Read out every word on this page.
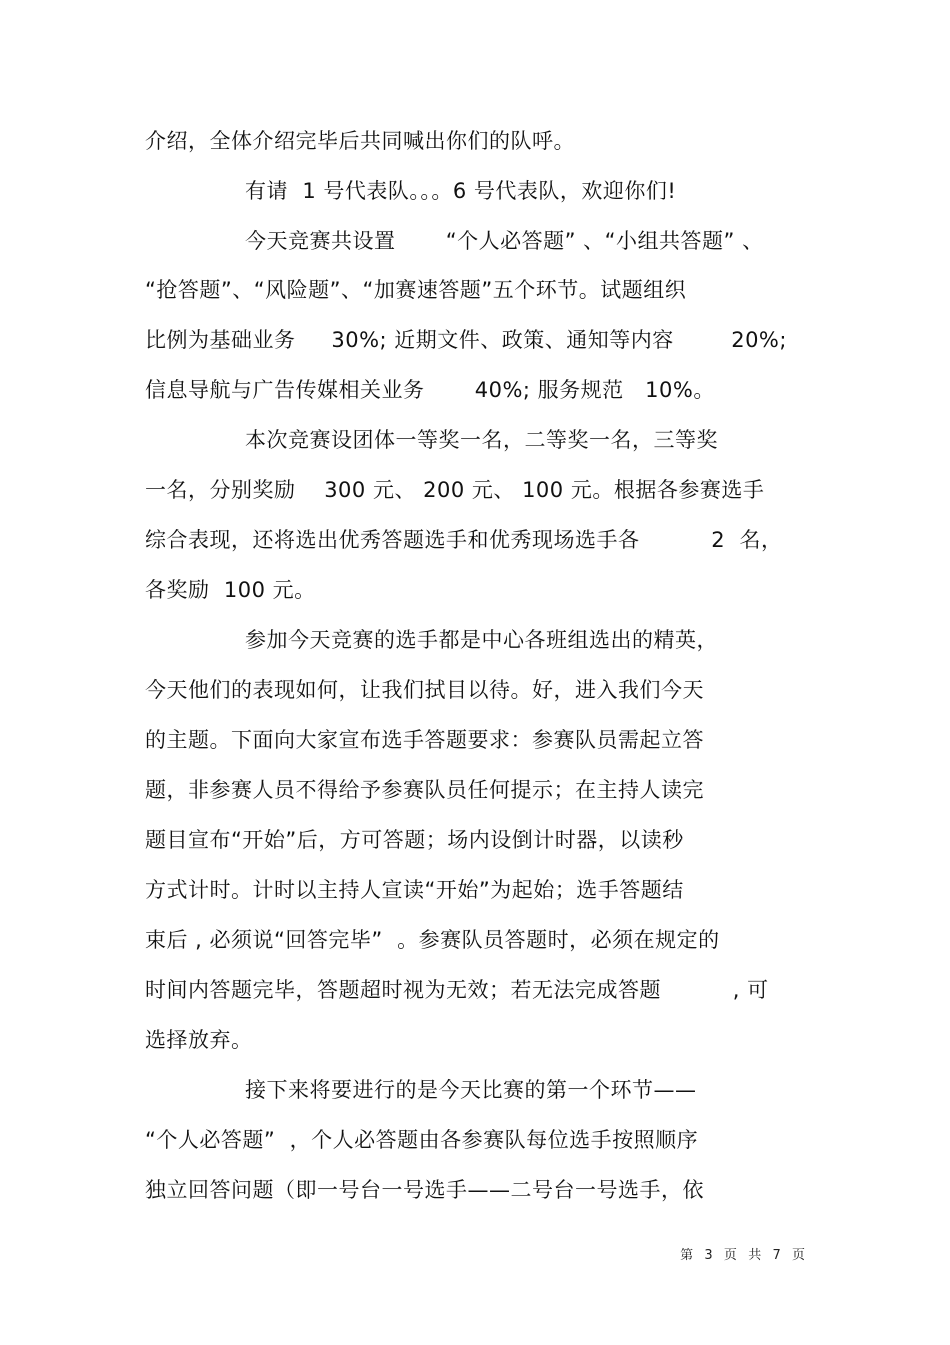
介绍，全体介绍完毕后共同喊出你们的队呼。
有请  1 号代表队。。。6 号代表队，欢迎你们!
今天竞赛共设置       “个人必答题” 、“小组共答题” 、
“抢答题”、“风险题”、“加赛速答题”五个环节。试题组织
比例为基础业务     30%; 近期文件、政策、通知等内容        20%;
信息导航与广告传媒相关业务       40%; 服务规范   10%。
本次竞赛设团体一等奖一名，二等奖一名，三等奖
一名，分别奖励    300 元、 200 元、 100 元。根据各参赛选手
综合表现，还将选出优秀答题选手和优秀现场选手各          2  名，
各奖励  100 元。
参加今天竞赛的选手都是中心各班组选出的精英，
今天他们的表现如何，让我们拭目以待。好，进入我们今天
的主题。下面向大家宣布选手答题要求：参赛队员需起立答
题，非参赛人员不得给予参赛队员任何提示；在主持人读完
题目宣布“开始”后，方可答题；场内设倒计时器，以读秒
方式计时。计时以主持人宣读“开始”为起始；选手答题结
束后 , 必须说“回答完毕”  。参赛队员答题时，必须在规定的
时间内答题完毕，答题超时视为无效；若无法完成答题          , 可
选择放弃。
接下来将要进行的是今天比赛的第一个环节——
“个人必答题”  ，个人必答题由各参赛队每位选手按照顺序
独立回答问题（即一号台一号选手——二号台一号选手，依
第  3  页  共  7  页
